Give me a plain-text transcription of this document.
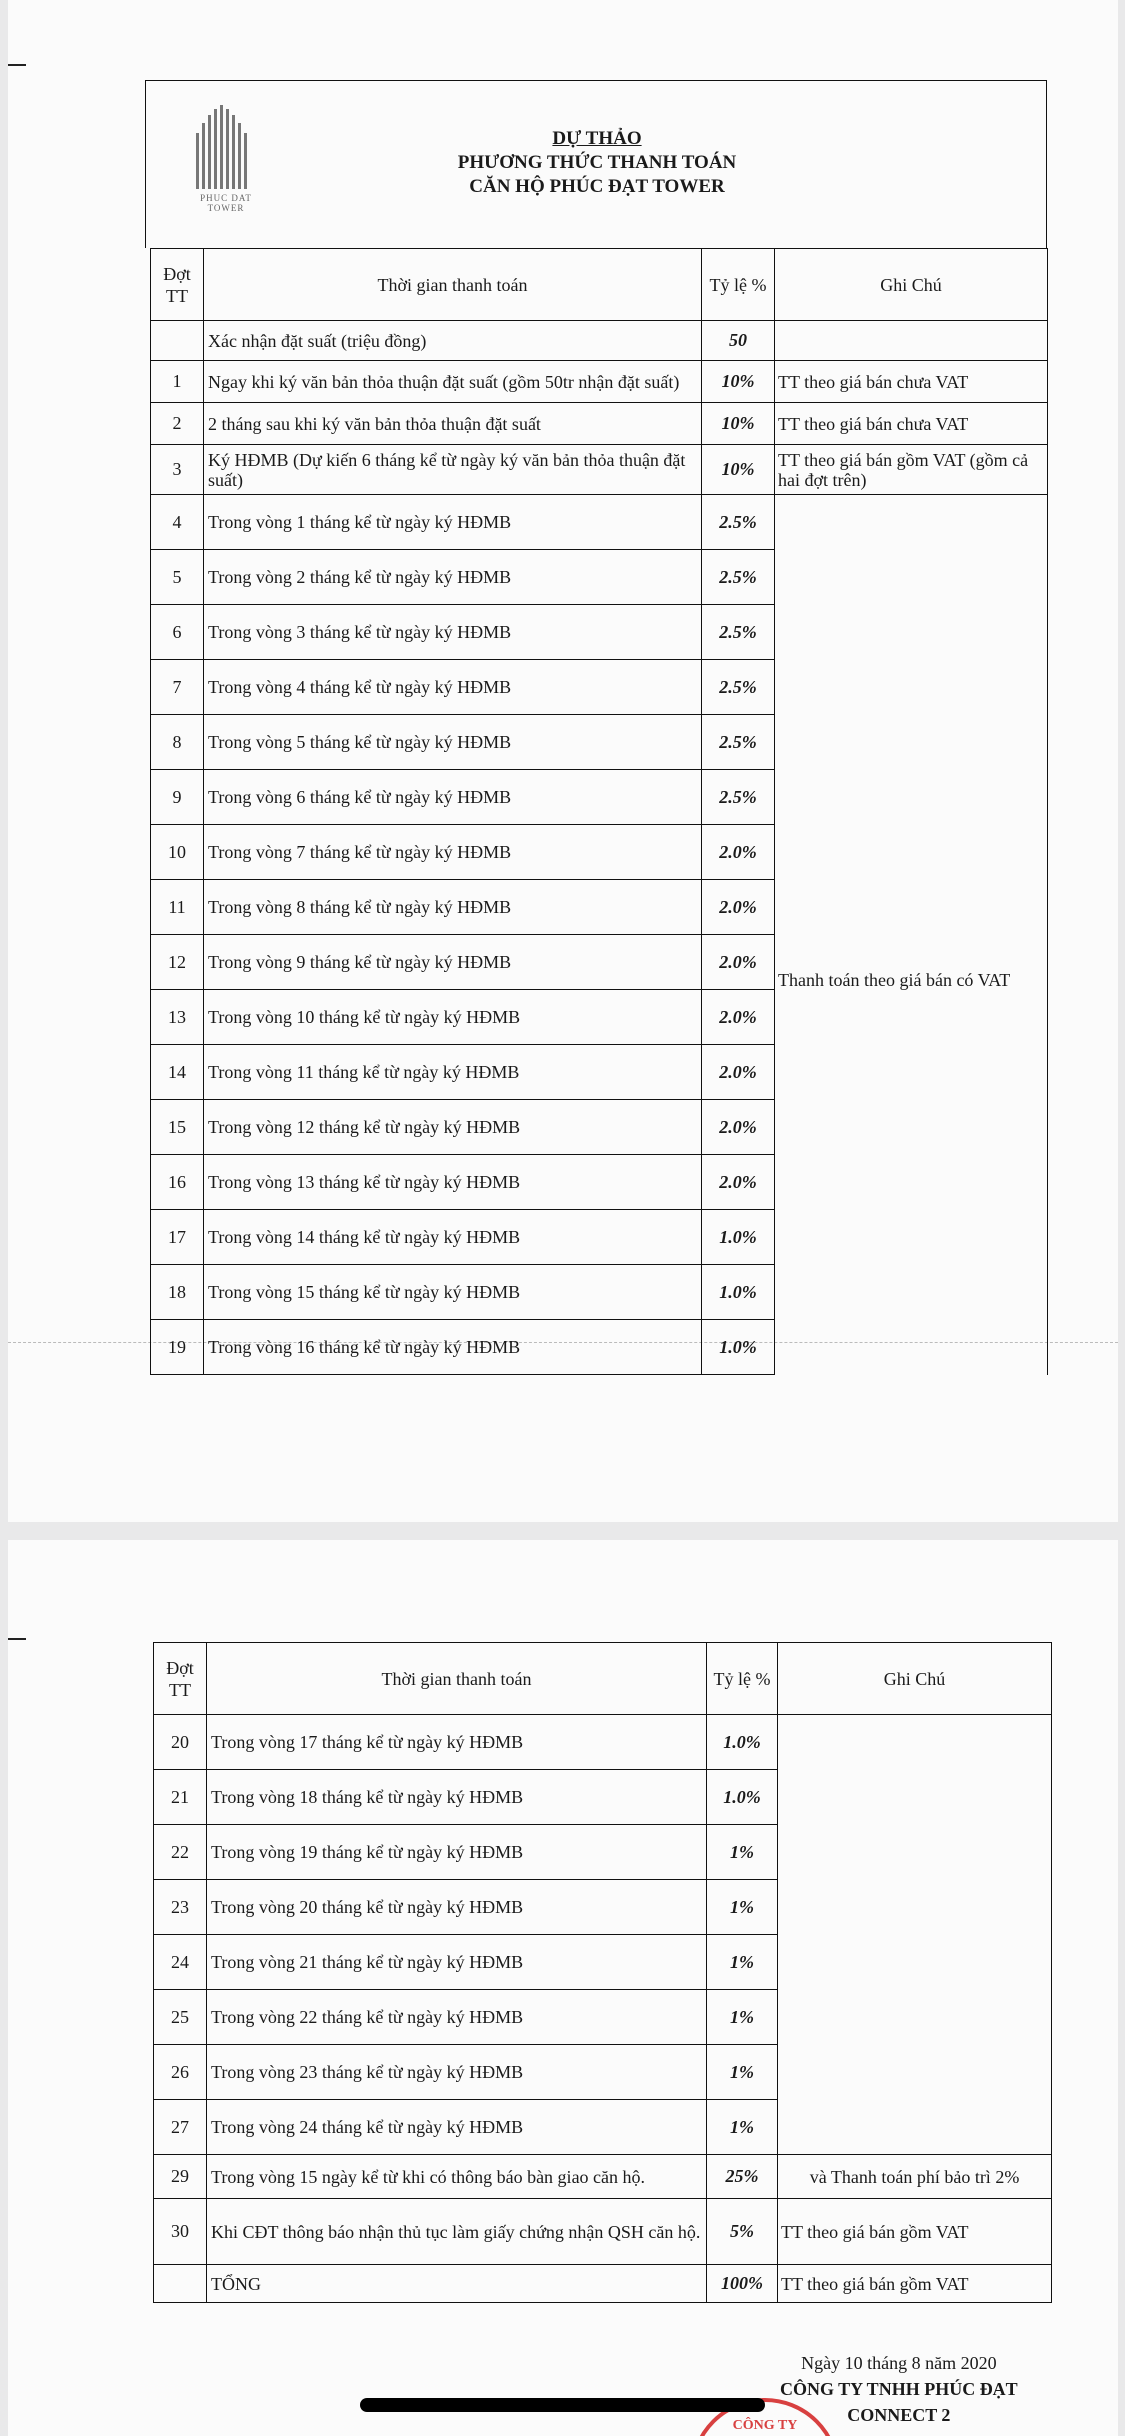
PHUC DAT TOWER
DỰ THẢO
PHƯƠNG THỨC THANH TOÁN
CĂN HỘ PHÚC ĐẠT TOWER
Đợt TT	Thời gian thanh toán	Tỷ lệ %	Ghi Chú
	Xác nhận đặt suất (triệu đồng)	50	
1	Ngay khi ký văn bản thỏa thuận đặt suất (gồm 50tr nhận đặt suất)	10%	TT theo giá bán chưa VAT
2	2 tháng sau khi ký văn bản thỏa thuận đặt suất	10%	TT theo giá bán chưa VAT
3	Ký HĐMB (Dự kiến 6 tháng kể từ ngày ký văn bản thỏa thuận đặt suất)	10%	TT theo giá bán gồm VAT (gồm cả hai đợt trên)
4	Trong vòng 1 tháng kể từ ngày ký HĐMB	2.5%	Thanh toán theo giá bán có VAT
5	Trong vòng 2 tháng kể từ ngày ký HĐMB	2.5%	
6	Trong vòng 3 tháng kể từ ngày ký HĐMB	2.5%	
7	Trong vòng 4 tháng kể từ ngày ký HĐMB	2.5%	
8	Trong vòng 5 tháng kể từ ngày ký HĐMB	2.5%	
9	Trong vòng 6 tháng kể từ ngày ký HĐMB	2.5%	
10	Trong vòng 7 tháng kể từ ngày ký HĐMB	2.0%	
11	Trong vòng 8 tháng kể từ ngày ký HĐMB	2.0%	
12	Trong vòng 9 tháng kể từ ngày ký HĐMB	2.0%	
13	Trong vòng 10 tháng kể từ ngày ký HĐMB	2.0%	
14	Trong vòng 11 tháng kể từ ngày ký HĐMB	2.0%	
15	Trong vòng 12 tháng kể từ ngày ký HĐMB	2.0%	
16	Trong vòng 13 tháng kể từ ngày ký HĐMB	2.0%	
17	Trong vòng 14 tháng kể từ ngày ký HĐMB	1.0%	
18	Trong vòng 15 tháng kể từ ngày ký HĐMB	1.0%	
19	Trong vòng 16 tháng kể từ ngày ký HĐMB	1.0%	
Đợt TT	Thời gian thanh toán	Tỷ lệ %	Ghi Chú
20	Trong vòng 17 tháng kể từ ngày ký HĐMB	1.0%	
21	Trong vòng 18 tháng kể từ ngày ký HĐMB	1.0%	
22	Trong vòng 19 tháng kể từ ngày ký HĐMB	1%	
23	Trong vòng 20 tháng kể từ ngày ký HĐMB	1%	
24	Trong vòng 21 tháng kể từ ngày ký HĐMB	1%	
25	Trong vòng 22 tháng kể từ ngày ký HĐMB	1%	
26	Trong vòng 23 tháng kể từ ngày ký HĐMB	1%	
27	Trong vòng 24 tháng kể từ ngày ký HĐMB	1%	
29	Trong vòng 15 ngày kể từ khi có thông báo bàn giao căn hộ.	25%	và Thanh toán phí bảo trì 2%
30	Khi CĐT thông báo nhận thủ tục làm giấy chứng nhận QSH căn hộ.	5%	TT theo giá bán gồm VAT
	TỔNG	100%	TT theo giá bán gồm VAT
Ngày 10 tháng 8 năm 2020
CÔNG TY TNHH PHÚC ĐẠT
CONNECT 2
CÔNG TY
